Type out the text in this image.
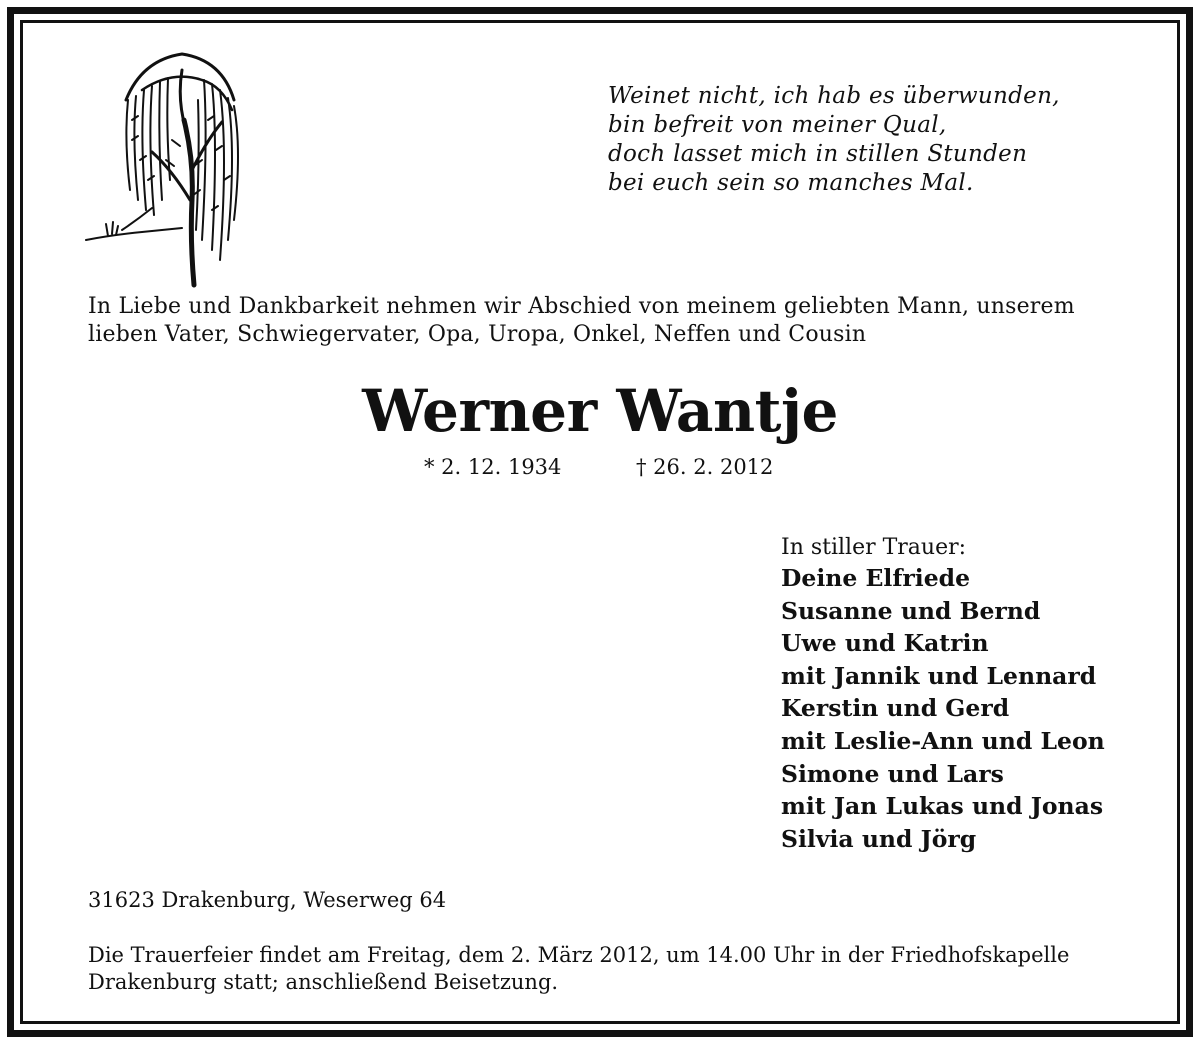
Weinet nicht, ich hab es überwunden,
bin befreit von meiner Qual,
doch lasset mich in stillen Stunden
bei euch sein so manches Mal.
In Liebe und Dankbarkeit nehmen wir Abschied von meinem geliebten Mann, unserem
lieben Vater, Schwiegervater, Opa, Uropa, Onkel, Neffen und Cousin
Werner Wantje
* 2. 12. 1934	† 26. 2. 2012
In stiller Trauer:
Deine Elfriede
Susanne und Bernd
Uwe und Katrin
mit Jannik und Lennard
Kerstin und Gerd
mit Leslie-Ann und Leon
Simone und Lars
mit Jan Lukas und Jonas
Silvia und Jörg
31623 Drakenburg, Weserweg 64
Die Trauerfeier findet am Freitag, dem 2. März 2012, um 14.00 Uhr in der Friedhofskapelle
Drakenburg statt; anschließend Beisetzung.
